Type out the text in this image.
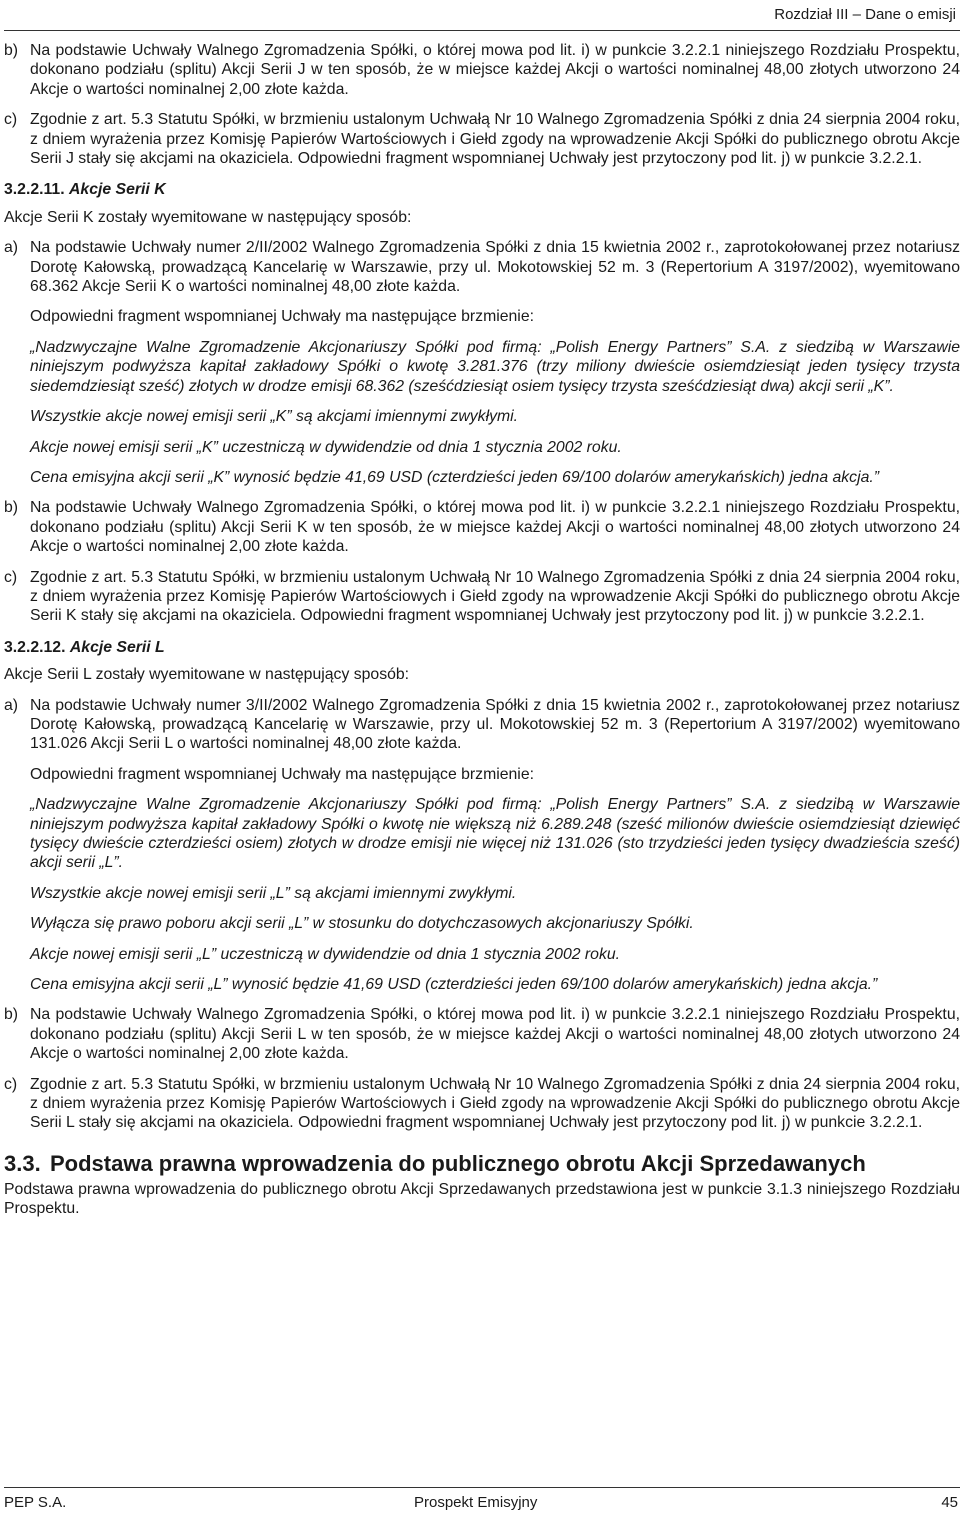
Rozdział III – Dane o emisji
b) Na podstawie Uchwały Walnego Zgromadzenia Spółki, o której mowa pod lit. i) w punkcie 3.2.2.1 niniejszego Rozdziału Prospektu, dokonano podziału (splitu) Akcji Serii J w ten sposób, że w miejsce każdej Akcji o wartości nominalnej 48,00 złotych utworzono 24 Akcje o wartości nominalnej 2,00 złote każda.
c) Zgodnie z art. 5.3 Statutu Spółki, w brzmieniu ustalonym Uchwałą Nr 10 Walnego Zgromadzenia Spółki z dnia 24 sierpnia 2004 roku, z dniem wyrażenia przez Komisję Papierów Wartościowych i Giełd zgody na wprowadzenie Akcji Spółki do publicznego obrotu Akcje Serii J stały się akcjami na okaziciela. Odpowiedni fragment wspomnianej Uchwały jest przytoczony pod lit. j) w punkcie 3.2.2.1.
3.2.2.11. Akcje Serii K
Akcje Serii K zostały wyemitowane w następujący sposób:
a) Na podstawie Uchwały numer 2/II/2002 Walnego Zgromadzenia Spółki z dnia 15 kwietnia 2002 r., zaprotokołowanej przez notariusz Dorotę Kałowską, prowadzącą Kancelarię w Warszawie, przy ul. Mokotowskiej 52 m. 3 (Repertorium A 3197/2002), wyemitowano 68.362 Akcje Serii K o wartości nominalnej 48,00 złote każda.
Odpowiedni fragment wspomnianej Uchwały ma następujące brzmienie:
„Nadzwyczajne Walne Zgromadzenie Akcjonariuszy Spółki pod firmą: „Polish Energy Partners” S.A. z siedzibą w Warszawie niniejszym podwyższa kapitał zakładowy Spółki o kwotę 3.281.376 (trzy miliony dwieście osiemdziesiąt jeden tysięcy trzysta siedemdziesiąt sześć) złotych w drodze emisji 68.362 (sześćdziesiąt osiem tysięcy trzysta sześćdziesiąt dwa) akcji serii „K”.
Wszystkie akcje nowej emisji serii „K” są akcjami imiennymi zwykłymi.
Akcje nowej emisji serii „K” uczestniczą w dywidendzie od dnia 1 stycznia 2002 roku.
Cena emisyjna akcji serii „K” wynosić będzie 41,69 USD (czterdzieści jeden 69/100 dolarów amerykańskich) jedna akcja.”
b) Na podstawie Uchwały Walnego Zgromadzenia Spółki, o której mowa pod lit. i) w punkcie 3.2.2.1 niniejszego Rozdziału Prospektu, dokonano podziału (splitu) Akcji Serii K w ten sposób, że w miejsce każdej Akcji o wartości nominalnej 48,00 złotych utworzono 24 Akcje o wartości nominalnej 2,00 złote każda.
c) Zgodnie z art. 5.3 Statutu Spółki, w brzmieniu ustalonym Uchwałą Nr 10 Walnego Zgromadzenia Spółki z dnia 24 sierpnia 2004 roku, z dniem wyrażenia przez Komisję Papierów Wartościowych i Giełd zgody na wprowadzenie Akcji Spółki do publicznego obrotu Akcje Serii K stały się akcjami na okaziciela. Odpowiedni fragment wspomnianej Uchwały jest przytoczony pod lit. j) w punkcie 3.2.2.1.
3.2.2.12. Akcje Serii L
Akcje Serii L zostały wyemitowane w następujący sposób:
a) Na podstawie Uchwały numer 3/II/2002 Walnego Zgromadzenia Spółki z dnia 15 kwietnia 2002 r., zaprotokołowanej przez notariusz Dorotę Kałowską, prowadzącą Kancelarię w Warszawie, przy ul. Mokotowskiej 52 m. 3 (Repertorium A 3197/2002) wyemitowano 131.026 Akcji Serii L o wartości nominalnej 48,00 złote każda.
Odpowiedni fragment wspomnianej Uchwały ma następujące brzmienie:
„Nadzwyczajne Walne Zgromadzenie Akcjonariuszy Spółki pod firmą: „Polish Energy Partners” S.A. z siedzibą w Warszawie niniejszym podwyższa kapitał zakładowy Spółki o kwotę nie większą niż 6.289.248 (sześć milionów dwieście osiemdziesiąt dziewięć tysięcy dwieście czterdzieści osiem) złotych w drodze emisji nie więcej niż 131.026 (sto trzydzieści jeden tysięcy dwadzieścia sześć) akcji serii „L”.
Wszystkie akcje nowej emisji serii „L” są akcjami imiennymi zwykłymi.
Wyłącza się prawo poboru akcji serii „L” w stosunku do dotychczasowych akcjonariuszy Spółki.
Akcje nowej emisji serii „L” uczestniczą w dywidendzie od dnia 1 stycznia 2002 roku.
Cena emisyjna akcji serii „L” wynosić będzie 41,69 USD (czterdzieści jeden 69/100 dolarów amerykańskich) jedna akcja.”
b) Na podstawie Uchwały Walnego Zgromadzenia Spółki, o której mowa pod lit. i) w punkcie 3.2.2.1 niniejszego Rozdziału Prospektu, dokonano podziału (splitu) Akcji Serii L w ten sposób, że w miejsce każdej Akcji o wartości nominalnej 48,00 złotych utworzono 24 Akcje o wartości nominalnej 2,00 złote każda.
c) Zgodnie z art. 5.3 Statutu Spółki, w brzmieniu ustalonym Uchwałą Nr 10 Walnego Zgromadzenia Spółki z dnia 24 sierpnia 2004 roku, z dniem wyrażenia przez Komisję Papierów Wartościowych i Giełd zgody na wprowadzenie Akcji Spółki do publicznego obrotu Akcje Serii L stały się akcjami na okaziciela. Odpowiedni fragment wspomnianej Uchwały jest przytoczony pod lit. j) w punkcie 3.2.2.1.
3.3. Podstawa prawna wprowadzenia do publicznego obrotu Akcji Sprzedawanych
Podstawa prawna wprowadzenia do publicznego obrotu Akcji Sprzedawanych przedstawiona jest w punkcie 3.1.3 niniejszego Rozdziału Prospektu.
PEP S.A.	Prospekt Emisyjny	45
